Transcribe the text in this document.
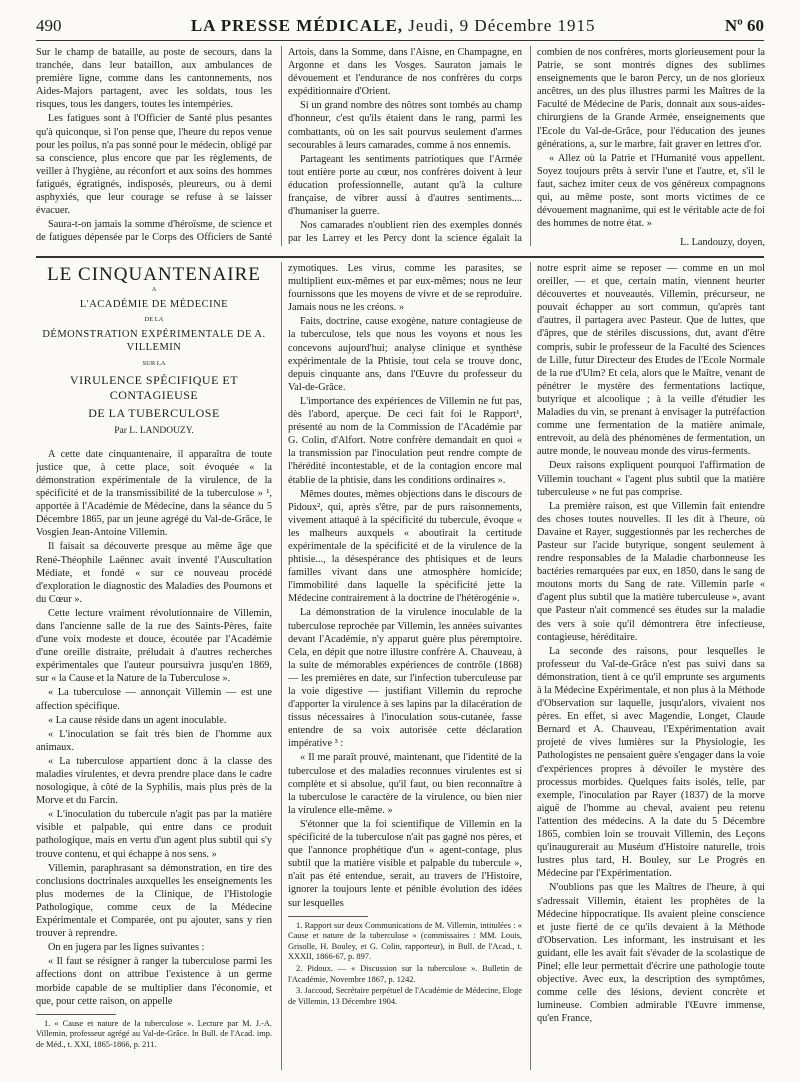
490	LA PRESSE MÉDICALE, Jeudi, 9 Décembre 1915	Nº 60

Sur le champ de bataille, au poste de secours, dans la tranchée, dans leur bataillon, aux ambulances de première ligne, comme dans les cantonnements, nos Aides-Majors partagent, avec les soldats, tous les risques, tous les dangers, toutes les intempéries.

Les fatigues sont à l'Officier de Santé plus pesantes qu'à quiconque, si l'on pense que, l'heure du repos venue pour les poilus, n'a pas sonné pour le médecin, obligé par sa conscience, plus encore que par les règlements, de veiller à l'hygiène, au réconfort et aux soins des hommes fatigués, égratignés, indisposés, pleureurs, ou à demi asphyxiés, que leur courage se refuse à se laisser évacuer.

Saura-t-on jamais la somme d'héroïsme, de science et de fatigues dépensée par le Corps des Officiers de Santé

Artois, dans la Somme, dans l'Aisne, en Champagne, en Argonne et dans les Vosges. Sauraton jamais le dévouement et l'endurance de nos confrères du corps expéditionnaire d'Orient.

Si un grand nombre des nôtres sont tombés au champ d'honneur, c'est qu'ils étaient dans le rang, parmi les combattants, où on les sait pourvus seulement d'armes secourables à leurs camarades, comme à nos ennemis.

Partageant les sentiments patriotiques que l'Armée tout entière porte au cœur, nos confrères doivent à leur éducation professionnelle, autant qu'à la culture française, de vibrer aussi à d'autres sentiments.... d'humaniser la guerre.

Nos camarades n'oublient rien des exemples donnés par les Larrey et les Percy dont la science égalait la

combien de nos confrères, morts glorieusement pour la Patrie, se sont montrés dignes des sublimes enseignements que le baron Percy, un de nos glorieux ancêtres, un des plus illustres parmi les Maîtres de la Faculté de Médecine de Paris, donnait aux sous-aides-chirurgiens de la Grande Armée, enseignements que l'Ecole du Val-de-Grâce, pour l'éducation des jeunes générations, a, sur le marbre, fait graver en lettres d'or.

« Allez où la Patrie et l'Humanité vous appellent. Soyez toujours prêts à servir l'une et l'autre, et, s'il le faut, sachez imiter ceux de vos généreux compagnons qui, au même poste, sont morts victimes de ce dévouement magnanime, qui est le véritable acte de foi des hommes de notre état. »

L. Landouzy, doyen,
LE CINQUANTENAIRE
A
L'ACADÉMIE DE MÉDECINE
DE LA
DÉMONSTRATION EXPÉRIMENTALE DE A. VILLEMIN
SUR LA
VIRULENCE SPÉCIFIQUE ET CONTAGIEUSE
DE LA TUBERCULOSE
Par L. LANDOUZY.

A cette date cinquantenaire, il apparaîtra de toute justice que, à cette place, soit évoquée « la démonstration expérimentale de la virulence, de la spécificité et de la transmissibilité de la tuberculose » ¹, apportée à l'Académie de Médecine, dans la séance du 5 Décembre 1865, par un jeune agrégé du Val-de-Grâce, le Vosgien Jean-Antoine Villemin.

Il faisait sa découverte presque au même âge que René-Théophile Laënnec avait inventé l'Auscultation Médiate, et fondé « sur ce nouveau procédé d'exploration le diagnostic des Maladies des Poumons et du Cœur ».

Cette lecture vraiment révolutionnaire de Villemin, dans l'ancienne salle de la rue des Saints-Pères, faite d'une voix modeste et douce, écoutée par l'Académie d'une oreille distraite, préludait à d'autres recherches expérimentales que l'auteur poursuivra jusqu'en 1869, sur « la Cause et la Nature de la Tuberculose ».

« La tuberculose — annonçait Villemin — est une affection spécifique.

« La cause réside dans un agent inoculable.

« L'inoculation se fait très bien de l'homme aux animaux.

« La tuberculose appartient donc à la classe des maladies virulentes, et devra prendre place dans le cadre nosologique, à côté de la Syphilis, mais plus près de la Morve et du Farcin.

« L'inoculation du tubercule n'agit pas par la matière visible et palpable, qui entre dans ce produit pathologique, mais en vertu d'un agent plus subtil qui s'y trouve contenu, et qui échappe à nos sens. »

Villemin, paraphrasant sa démonstration, en tire des conclusions doctrinales auxquelles les enseignements les plus modernes de la Clinique, de l'Histologie Pathologique, comme ceux de la Médecine Expérimentale et Comparée, ont pu ajouter, sans y rien trouver à reprendre.

On en jugera par les lignes suivantes :

« Il faut se résigner à ranger la tuberculose parmi les affections dont on attribue l'existence à un germe morbide capable de se multiplier dans l'économie, et que, pour cette raison, on appelle

1. « Cause et nature de la tuberculose ». Lecture par M. J.-A. Villemin, professeur agrégé au Val-de-Grâce. In Bull. de l'Acad. imp. de Méd., t. XXI, 1865-1866, p. 211.

zymotiques. Les virus, comme les parasites, se multiplient eux-mêmes et par eux-mêmes; nous ne leur fournissons que les moyens de vivre et de se reproduire. Jamais nous ne les créons. »

Faits, doctrine, cause exogène, nature contagieuse de la tuberculose, tels que nous les voyons et nous les concevons aujourd'hui; analyse clinique et synthèse expérimentale de la Phtisie, tout cela se trouve donc, depuis cinquante ans, dans l'Œuvre du professeur du Val-de-Grâce.

L'importance des expériences de Villemin ne fut pas, dès l'abord, aperçue. De ceci fait foi le Rapport¹, présenté au nom de la Commission de l'Académie par G. Colin, d'Alfort. Notre confrère demandait en quoi « la transmission par l'inoculation peut rendre compte de l'hérédité incontestable, et de la contagion encore mal établie de la phtisie, dans les conditions ordinaires ».

Mêmes doutes, mêmes objections dans le discours de Pidoux², qui, après s'être, par de purs raisonnements, vivement attaqué à la spécificité du tubercule, évoque « les malheurs auxquels « aboutirait la certitude expérimentale de la spécificité et de la virulence de la phtisie..., la désespérance des phtisiques et de leurs familles vivant dans une atmosphère homicide; l'immobilité dans laquelle la spécificité jette la Médecine contrairement à la doctrine de l'hétérogénie ».

La démonstration de la virulence inoculable de la tuberculose reprochée par Villemin, les années suivantes devant l'Académie, n'y apparut guère plus péremptoire. Cela, en dépit que notre illustre confrère A. Chauveau, à la suite de mémorables expériences de contrôle (1868) — les premières en date, sur l'infection tuberculeuse par la voie digestive — justifiant Villemin du reproche d'apporter la virulence à ses lapins par la dilacération de tissus nécessaires à l'inoculation sous-cutanée, fasse entendre de sa voix autorisée cette déclaration impérative ³ :

« Il me paraît prouvé, maintenant, que l'identité de la tuberculose et des maladies reconnues virulentes est si complète et si absolue, qu'il faut, ou bien reconnaître à la tuberculose le caractère de la virulence, ou bien nier la virulence elle-même. »

S'étonner que la foi scientifique de Villemin en la spécificité de la tuberculose n'ait pas gagné nos pères, et que l'annonce prophétique d'un « agent-contage, plus subtil que la matière visible et palpable du tubercule », n'ait pas été entendue, serait, au travers de l'Histoire, ignorer la toujours lente et pénible évolution des idées sur lesquelles

1. Rapport sur deux Communications de M. Villemin, intitulées : « Cause et nature de la tuberculose » (commissaires : MM. Louis, Grisolle, H. Bouley, et G. Colin, rapporteur), in Bull. de l'Acad., t. XXXII, 1866-67, p. 897.

2. Pidoux. — « Discussion sur la tuberculose ». Bulletin de l'Académie, Novembre 1867, p. 1242.

3. Jaccoud, Secrétaire perpétuel de l'Académie de Médecine, Eloge de Villemin, 13 Décembre 1904.

notre esprit aime se reposer — comme en un mol oreiller, — et que, certain matin, viennent heurter découvertes et nouveautés. Villemin, précurseur, ne pouvait échapper au sort commun, qu'après tant d'autres, il partagera avec Pasteur. Que de luttes, que d'âpres, que de stériles discussions, dut, avant d'être compris, subir le professeur de la Faculté des Sciences de Lille, futur Directeur des Etudes de l'Ecole Normale de la rue d'Ulm? Et cela, alors que le Maître, venant de pénétrer le mystère des fermentations lactique, butyrique et alcoolique ; à la veille d'étudier les Maladies du vin, se prenant à envisager la putréfaction comme une fermentation de la matière animale, entrevoit, au delà des phénomènes de fermentation, un autre monde, le nouveau monde des virus-ferments.

Deux raisons expliquent pourquoi l'affirmation de Villemin touchant « l'agent plus subtil que la matière tuberculeuse » ne fut pas comprise.

La première raison, est que Villemin fait entendre des choses toutes nouvelles. Il les dit à l'heure, où Davaine et Rayer, suggestionnés par les recherches de Pasteur sur l'acide butyrique, songent seulement à rendre responsables de la Maladie charbonneuse les bactéries remarquées par eux, en 1850, dans le sang de moutons morts du Sang de rate. Villemin parle « d'agent plus subtil que la matière tuberculeuse », avant que Pasteur n'ait commencé ses études sur la maladie des vers à soie qu'il démontrera être infectieuse, contagieuse, héréditaire.

La seconde des raisons, pour lesquelles le professeur du Val-de-Grâce n'est pas suivi dans sa démonstration, tient à ce qu'il emprunte ses arguments à la Médecine Expérimentale, et non plus à la Méthode d'Observation sur laquelle, jusqu'alors, vivaient nos pères. En effet, si avec Magendie, Longet, Claude Bernard et A. Chauveau, l'Expérimentation avait projeté de vives lumières sur la Physiologie, les Pathologistes ne pensaient guère s'engager dans la voie d'expériences propres à dévoiler le mystère des processus morbides. Quelques faits isolés, telle, par exemple, l'inoculation par Rayer (1837) de la morve aiguë de l'homme au cheval, avaient peu retenu l'attention des médecins. A la date du 5 Décembre 1865, combien loin se trouvait Villemin, des Leçons qu'inaugurerait au Muséum d'Histoire naturelle, trois lustres plus tard, H. Bouley, sur Le Progrès en Médecine par l'Expérimentation.

N'oublions pas que les Maîtres de l'heure, à qui s'adressait Villemin, étaient les prophètes de la Médecine hippocratique. Ils avaient pleine conscience et juste fierté de ce qu'ils devaient à la Méthode d'Observation. Les informant, les instruisant et les guidant, elle les avait fait s'évader de la scolastique de Pinel; elle leur permettait d'écrire une pathologie toute objective. Avec eux, la description des symptômes, comme celle des lésions, devient concrète et lumineuse. Combien admirable l'Œuvre immense, qu'en France,
